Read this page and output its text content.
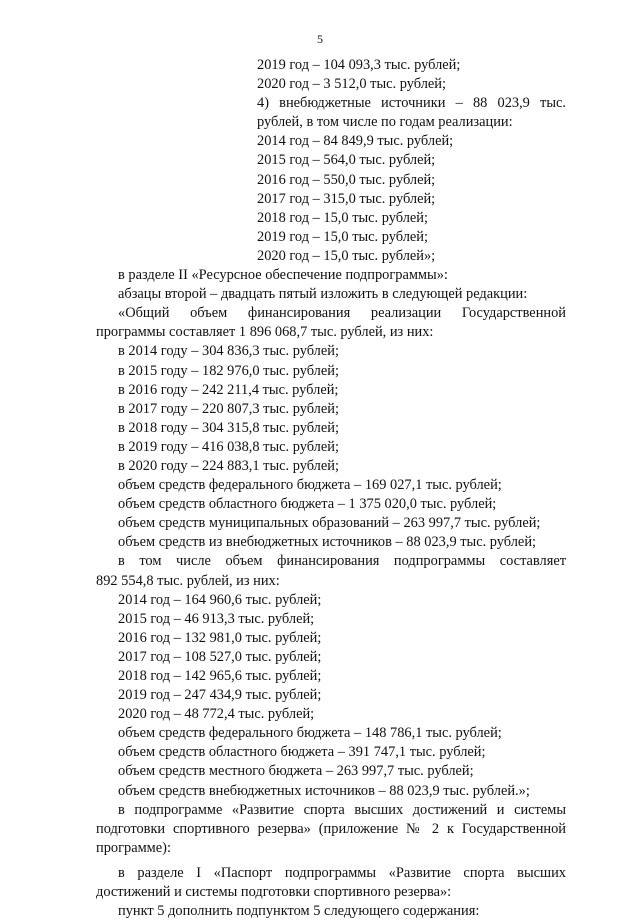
5
2019 год – 104 093,3 тыс. рублей;
2020 год – 3 512,0 тыс. рублей;
4) внебюджетные источники – 88 023,9 тыс.
рублей, в том числе по годам реализации:
2014 год – 84 849,9 тыс. рублей;
2015 год – 564,0 тыс. рублей;
2016 год – 550,0 тыс. рублей;
2017 год – 315,0 тыс. рублей;
2018 год – 15,0 тыс. рублей;
2019 год – 15,0 тыс. рублей;
2020 год – 15,0 тыс. рублей»;
в разделе II «Ресурсное обеспечение подпрограммы»:
абзацы второй – двадцать пятый изложить в следующей редакции:
«Общий объем финансирования реализации Государственной
программы составляет 1 896 068,7 тыс. рублей, из них:
в 2014 году – 304 836,3 тыс. рублей;
в 2015 году – 182 976,0 тыс. рублей;
в 2016 году – 242 211,4 тыс. рублей;
в 2017 году – 220 807,3 тыс. рублей;
в 2018 году – 304 315,8 тыс. рублей;
в 2019 году – 416 038,8 тыс. рублей;
в 2020 году – 224 883,1 тыс. рублей;
объем средств федерального бюджета – 169 027,1 тыс. рублей;
объем средств областного бюджета – 1 375 020,0 тыс. рублей;
объем средств муниципальных образований – 263 997,7 тыс. рублей;
объем средств из внебюджетных источников – 88 023,9 тыс. рублей;
в том числе объем финансирования подпрограммы составляет
892 554,8 тыс. рублей, из них:
2014 год – 164 960,6 тыс. рублей;
2015 год – 46 913,3 тыс. рублей;
2016 год – 132 981,0 тыс. рублей;
2017 год – 108 527,0 тыс. рублей;
2018 год – 142 965,6 тыс. рублей;
2019 год – 247 434,9 тыс. рублей;
2020 год – 48 772,4 тыс. рублей;
объем средств федерального бюджета – 148 786,1 тыс. рублей;
объем средств областного бюджета – 391 747,1 тыс. рублей;
объем средств местного бюджета – 263 997,7 тыс. рублей;
объем средств внебюджетных источников – 88 023,9 тыс. рублей.»;
в подпрограмме «Развитие спорта высших достижений и системы
подготовки спортивного резерва» (приложение № 2 к Государственной
программе):
в разделе I «Паспорт подпрограммы «Развитие спорта высших
достижений и системы подготовки спортивного резерва»:
пункт 5 дополнить подпунктом 5 следующего содержания:
